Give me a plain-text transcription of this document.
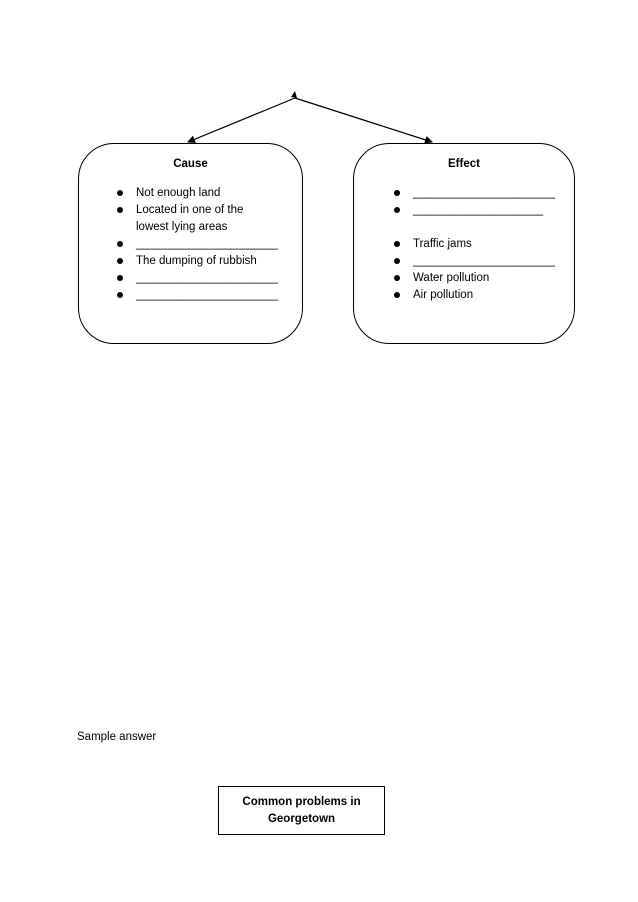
Cause
Not enough land
Located in one of the lowest lying areas
________________________
The dumping of rubbish
________________________
________________________
Effect
________________________
______________________
Traffic jams
________________________
Water pollution
Air pollution
Sample answer
Common problems in Georgetown
